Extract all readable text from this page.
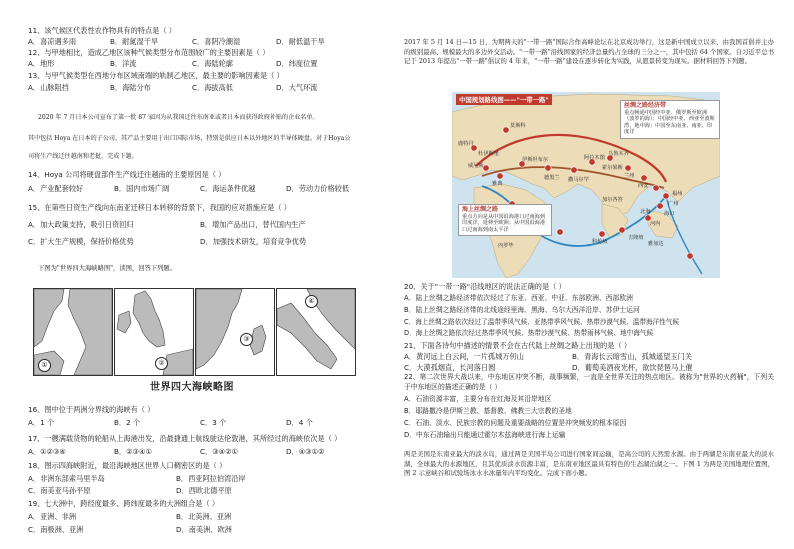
11、该气候区代表性农作物具有的特点是（ ）
A．喜凉遇多雨	B．耐氮湿干旱	C．喜阴冷潮湿	D．耐低温干旱
12、与甲地相比，造成乙地区该种气候类型分布范围较广的主要因素是（ ）
A．地形	B．洋流	C．海陆轮廓	D．纬度位置
13、与甲气候类型在西地分布区域南端的轨制乙地区，最主要的影响因素是（ ）
A．山脉阻挡	B．海陆分布	C．海拔高低	D．大气环流
2020 年 7 月日本公司宣布了第一批 87 家因为从我国迁往东南亚或者日本而获得政府补贴的企业名单。
其中包括 Hoya 在日本的子公司，其产品主要用于出口国际市场，特别是供应日本以外地区的半导体硬盘。对于Hoya公
司将生产线迁往越南和老挝。完成下题。
14、Hoya 公司将硬盘部件生产线迁往越南的主要原因是（ ）
A．产业配套较好	B．国内市场广阔	C．海运条件优越	D．劳动力价格较低
15、在第些日资生产线向东南亚迁移日本转移的背景下，我国的应对措施应是（ ）
A．加大政策支持，吸引日资回归	B．增加产品出口，替代国内生产
C．扩大生产规模，保持价格优势	D．加强技术研发，培育竞争优势
下图为"世界四大海峡略图"，读图，回答下列题。
①	②
③
④
世界四大海峡略图
16、图中位于两洲分界线的海峡有（ ）
A．1 个	B．2 个	C．3 个	D．4 个
17、一艘满载货物的轮船从上海港出发，沿最捷通上航线驶达伦敦港，其所经过的海峡依次是（ ）
A．①②③④	B．②③④①	C．③④②①	D．④③①②
18、图示四海峡附近，最沿海峡地区世界人口稠密区的是（ ）
A．非洲东部索马里半岛	B．西亚阿拉伯湾沿岸
C．南美亚马孙平原	D．西欧北德平原
19、七大洲中，跨经度最多、跨纬度最多的大洲组合是（ ）
A．亚洲、非洲	B．北美洲、亚洲
C．南极洲、亚洲	D．南美洲、欧洲
2017 年 5 月 14 日—15 日，为期两天的"一带一路"国际合作高峰论坛在北京成功举行，这是新中国成立以来，由我国首倡并主办的级别最高、规模最大的多边外交活动。"一带一路"沿线国家的经济总量约占全球的三分之一，其中包括 64 个国家。自习近平总书记于 2013 年提出"一带一路"倡议的 4 年来，"一带一路"建设在逐步转化为实践，从愿景转变为现实。据材料回答下列题。
中国规划路线图——"一带一路"
丝绸之路经济带
重点畅通中国经中亚、俄罗斯至欧洲（波罗的海）；中国经中亚、西亚至波斯湾、地中海；中国至东南亚、南亚、印度洋
海上丝绸之路
重点方向是从中国沿海港口过南海到印度洋，延伸至欧洲；从中国沿海港口过南海到南太平洋
莫斯科
鹿特丹
威尼斯
雅典
杜伊斯堡
伊斯坦布尔
德黑兰 撒马尔罕
阿拉木图
霍尔果斯
乌鲁木齐
兰州
西安
福州
广州
海口
北海
河内
吉隆坡
雅加达
科伦坡
加尔各答
内罗毕
20、关于"一带一路"沿线地区的说法正确的是（ ）
A．陆上丝绸之路经济带依次经过了东亚、西亚、中亚、东部欧洲、西部欧洲
B．陆上丝绸之路经济带的北线途经里海、黑海、乌尔大西洋沿岸、苏伊士运河
C．海上丝绸之路依次经过了温带季风气候、亚热带季风气候、热带沙漠气候、温带海洋性气候
D．海上丝绸之路依次经过热带季风气候、热带沙漠气候、热带雨林气候、地中海气候
21、下面各诗句中描述的情景不会在古代陆上丝绸之路上出现的是（ ）
A．黄河远上白云间，一片孤城万仞山	B．青海长云暗雪山，孤城遥望玉门关
C．大漠孤烟直，长河落日圆	D．葡萄美酒夜光杯，欲饮琵琶马上催
22、第二次世界大战以来，中东地区冲突不断，战事频繁，一直是全世界关注的热点地区。被称为"世界的火药桶"，下列关于中东地区的描述正确的是（ ）
A．石油资源丰富，主要分布在红海及其沿岸地区
B．耶路撒冷是伊斯兰教、基督教、佛教三大宗教的圣地
C．石油、淡水、民族宗教的问题及重要战略的位置是冲突频发的根本原因
D．中东石油输出只能通过霍尔木兹海峡进行海上运输
两是美国是东南亚最大的淡水岛，通过两是美国半岛公司进行国家间运输，是高公司的天然需水源。由于两湖是东南亚最大的淡水湖，全球最大的水源地区，且其优质淡水资源丰富，是东南亚地区最具有特色的生态湖泊湖之一。下图 1 为两是美国地理位置图，图 2 示意峡谷和试验场冰水水冰量年内平均变化。完成下面小题。
